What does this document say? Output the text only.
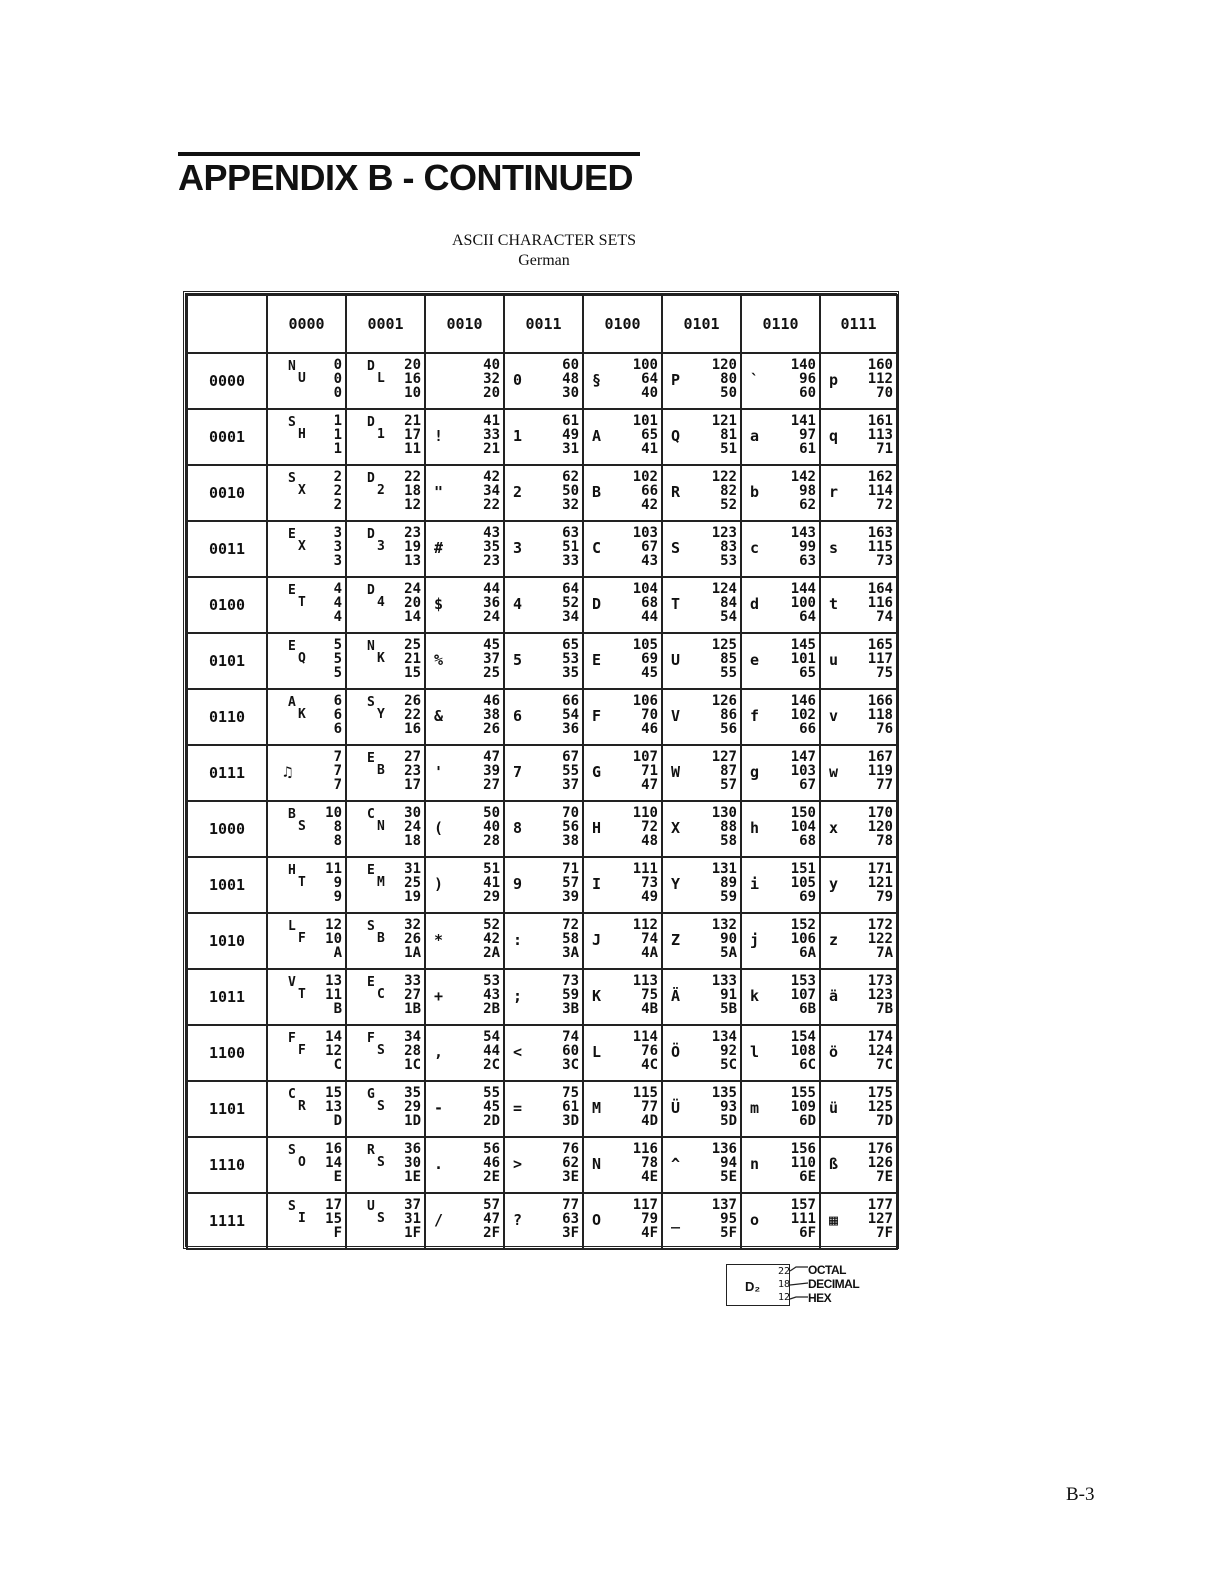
APPENDIX B - CONTINUED
ASCII CHARACTER SETS
German
	0000	0001	0010	0011	0100	0101	0110	0111
0000	N
U
0
0
0	D
L
20
16
10	40
32
20	0
60
48
30	§
100
64
40	P
120
80
50	`
140
96
60	p
160
112
70

0001	S
H
1
1
1	D
1
21
17
11	!
41
33
21	1
61
49
31	A
101
65
41	Q
121
81
51	a
141
97
61	q
161
113
71

0010	S
X
2
2
2	D
2
22
18
12	"
42
34
22	2
62
50
32	B
102
66
42	R
122
82
52	b
142
98
62	r
162
114
72

0011	E
X
3
3
3	D
3
23
19
13	#
43
35
23	3
63
51
33	C
103
67
43	S
123
83
53	c
143
99
63	s
163
115
73

0100	E
T
4
4
4	D
4
24
20
14	$
44
36
24	4
64
52
34	D
104
68
44	T
124
84
54	d
144
100
64	t
164
116
74

0101	E
Q
5
5
5	N
K
25
21
15	%
45
37
25	5
65
53
35	E
105
69
45	U
125
85
55	e
145
101
65	u
165
117
75

0110	A
K
6
6
6	S
Y
26
22
16	&
46
38
26	6
66
54
36	F
106
70
46	V
126
86
56	f
146
102
66	v
166
118
76

0111	♫
7
7
7	E
B
27
23
17	'
47
39
27	7
67
55
37	G
107
71
47	W
127
87
57	g
147
103
67	w
167
119
77

1000	B
S
10
8
8	C
N
30
24
18	(
50
40
28	8
70
56
38	H
110
72
48	X
130
88
58	h
150
104
68	x
170
120
78

1001	H
T
11
9
9	E
M
31
25
19	)
51
41
29	9
71
57
39	I
111
73
49	Y
131
89
59	i
151
105
69	y
171
121
79

1010	L
F
12
10
A	S
B
32
26
1A	*
52
42
2A	:
72
58
3A	J
112
74
4A	Z
132
90
5A	j
152
106
6A	z
172
122
7A

1011	V
T
13
11
B	E
C
33
27
1B	+
53
43
2B	;
73
59
3B	K
113
75
4B	Ä
133
91
5B	k
153
107
6B	ä
173
123
7B

1100	F
F
14
12
C	F
S
34
28
1C	,
54
44
2C	<
74
60
3C	L
114
76
4C	Ö
134
92
5C	l
154
108
6C	ö
174
124
7C

1101	C
R
15
13
D	G
S
35
29
1D	-
55
45
2D	=
75
61
3D	M
115
77
4D	Ü
135
93
5D	m
155
109
6D	ü
175
125
7D

1110	S
O
16
14
E	R
S
36
30
1E	.
56
46
2E	>
76
62
3E	N
116
78
4E	^
136
94
5E	n
156
110
6E	ß
176
126
7E

1111	S
I
17
15
F	U
S
37
31
1F	/
57
47
2F	?
77
63
3F	O
117
79
4F	_
137
95
5F	o
157
111
6F	▦
177
127
7F
D₂
22
18
12
OCTAL
DECIMAL
HEX
B-3
